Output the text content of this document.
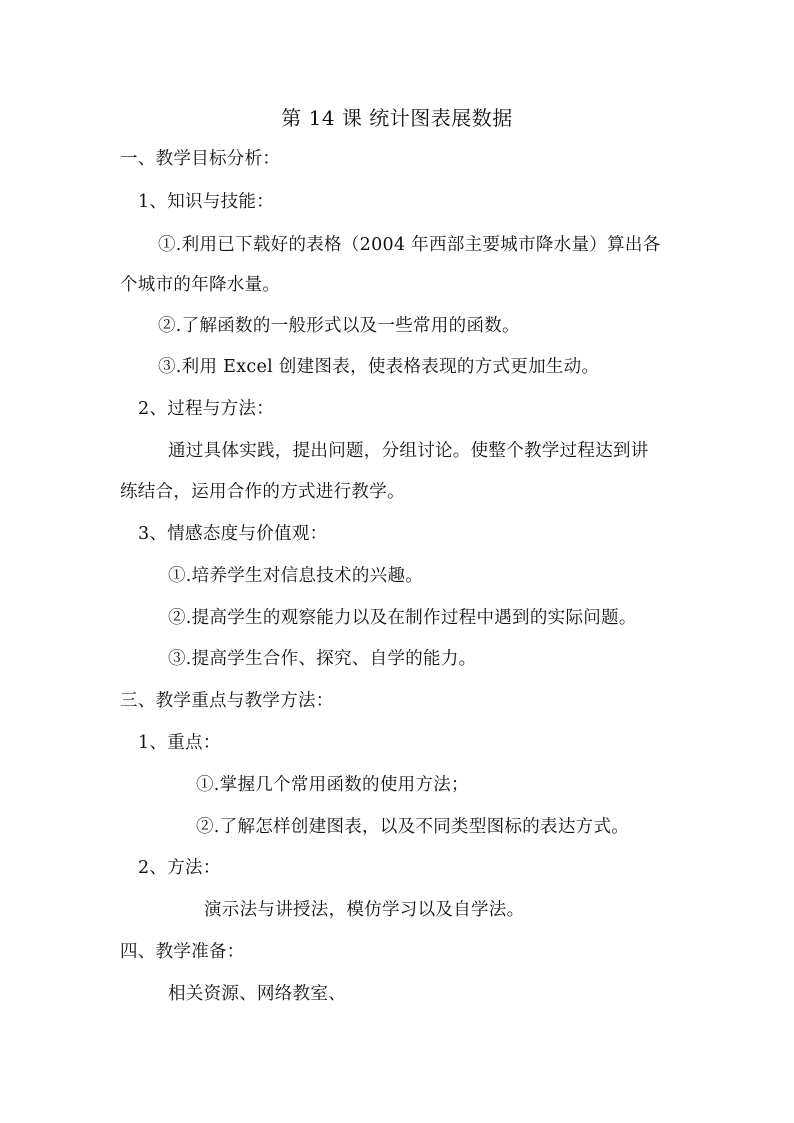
第 14 课 统计图表展数据
一、教学目标分析：
1、知识与技能：
①.利用已下载好的表格（2004 年西部主要城市降水量）算出各
个城市的年降水量。
②.了解函数的一般形式以及一些常用的函数。
③.利用 Excel 创建图表，使表格表现的方式更加生动。
2、过程与方法：
通过具体实践，提出问题，分组讨论。使整个教学过程达到讲
练结合，运用合作的方式进行教学。
3、情感态度与价值观：
①.培养学生对信息技术的兴趣。
②.提高学生的观察能力以及在制作过程中遇到的实际问题。
③.提高学生合作、探究、自学的能力。
三、教学重点与教学方法：
1、重点：
①.掌握几个常用函数的使用方法；
②.了解怎样创建图表，以及不同类型图标的表达方式。
2、方法：
演示法与讲授法，模仿学习以及自学法。
四、教学准备：
相关资源、网络教室、
